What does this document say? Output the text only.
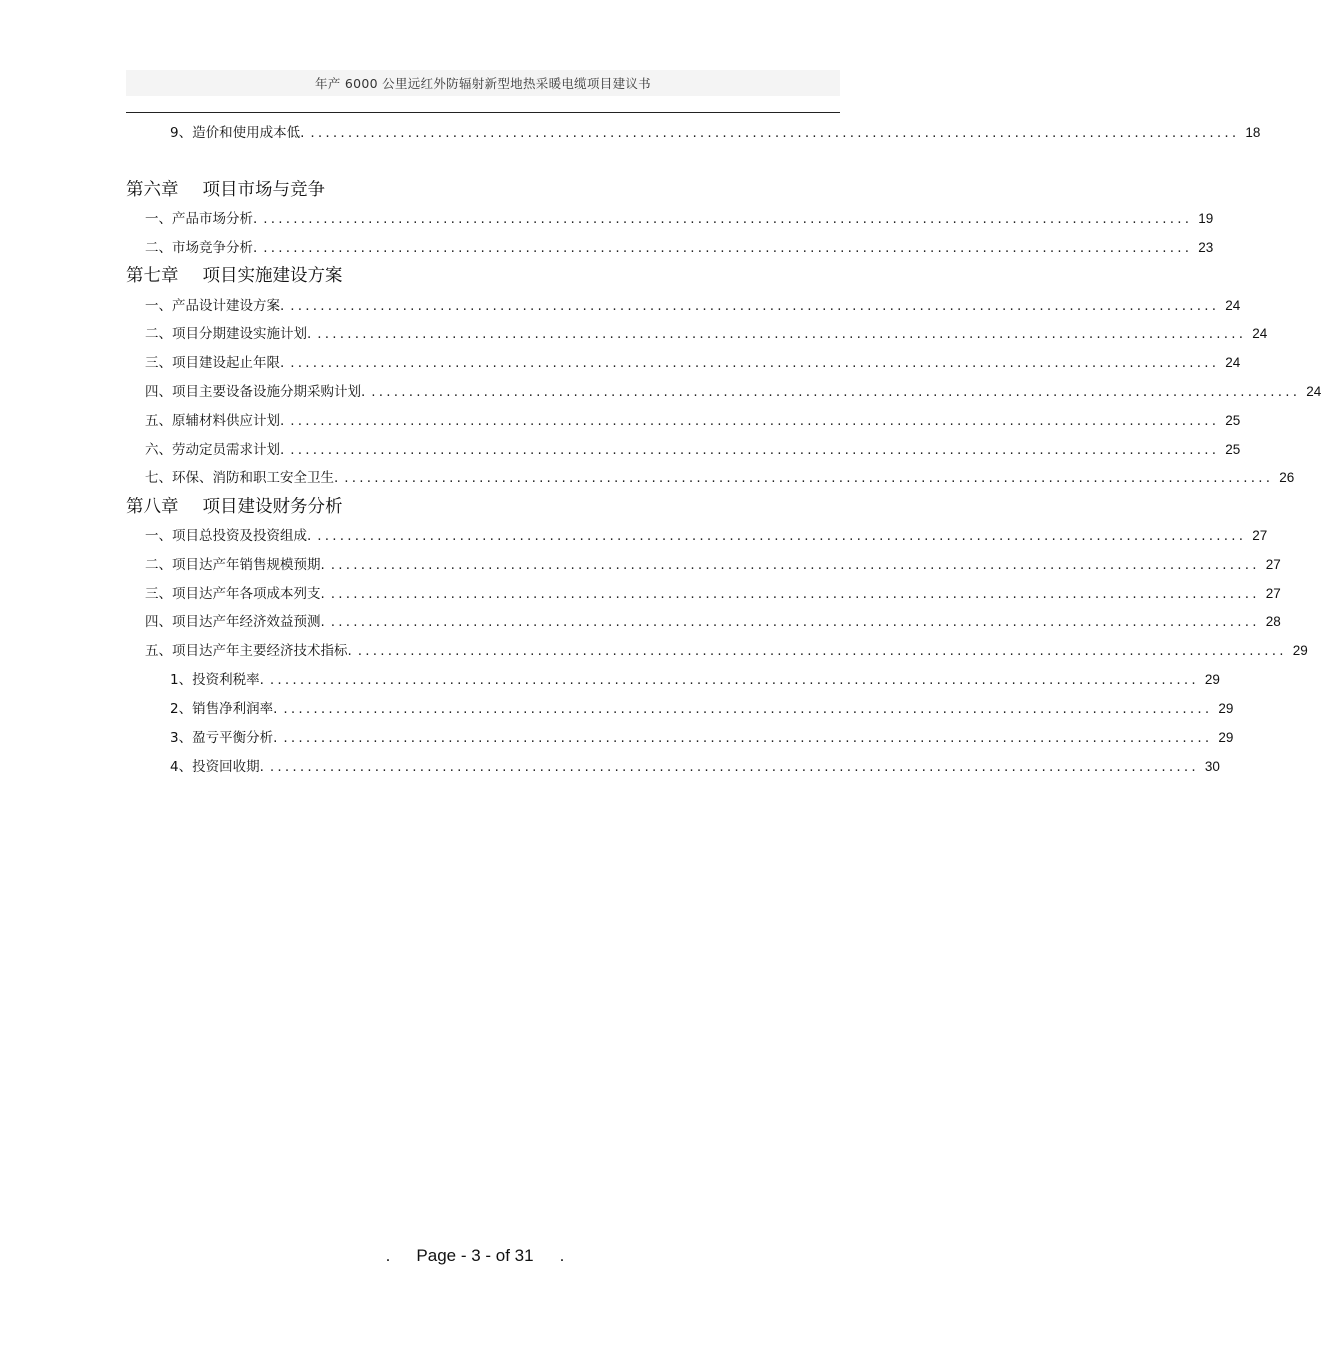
年产 6000 公里远红外防辐射新型地热采暖电缆项目建议书
9、造价和使用成本低. ............................................................................................................................ 18
第六章 项目市场与竞争
一、产品市场分析. ............................................................................................................................ 19
二、市场竞争分析. ............................................................................................................................ 23
第七章 项目实施建设方案
一、产品设计建设方案. ............................................................................................................................ 24
二、项目分期建设实施计划. ............................................................................................................................ 24
三、项目建设起止年限. ............................................................................................................................ 24
四、项目主要设备设施分期采购计划. ............................................................................................................................ 24
五、原辅材料供应计划. ............................................................................................................................ 25
六、劳动定员需求计划. ............................................................................................................................ 25
七、环保、消防和职工安全卫生. ............................................................................................................................ 26
第八章 项目建设财务分析
一、项目总投资及投资组成. ............................................................................................................................ 27
二、项目达产年销售规模预期. ............................................................................................................................ 27
三、项目达产年各项成本列支. ............................................................................................................................ 27
四、项目达产年经济效益预测. ............................................................................................................................ 28
五、项目达产年主要经济技术指标. ............................................................................................................................ 29
1、投资利税率. ............................................................................................................................ 29
2、销售净利润率. ............................................................................................................................ 29
3、盈亏平衡分析. ............................................................................................................................ 29
4、投资回收期. ............................................................................................................................ 30
. Page - 3 - of 31 .
